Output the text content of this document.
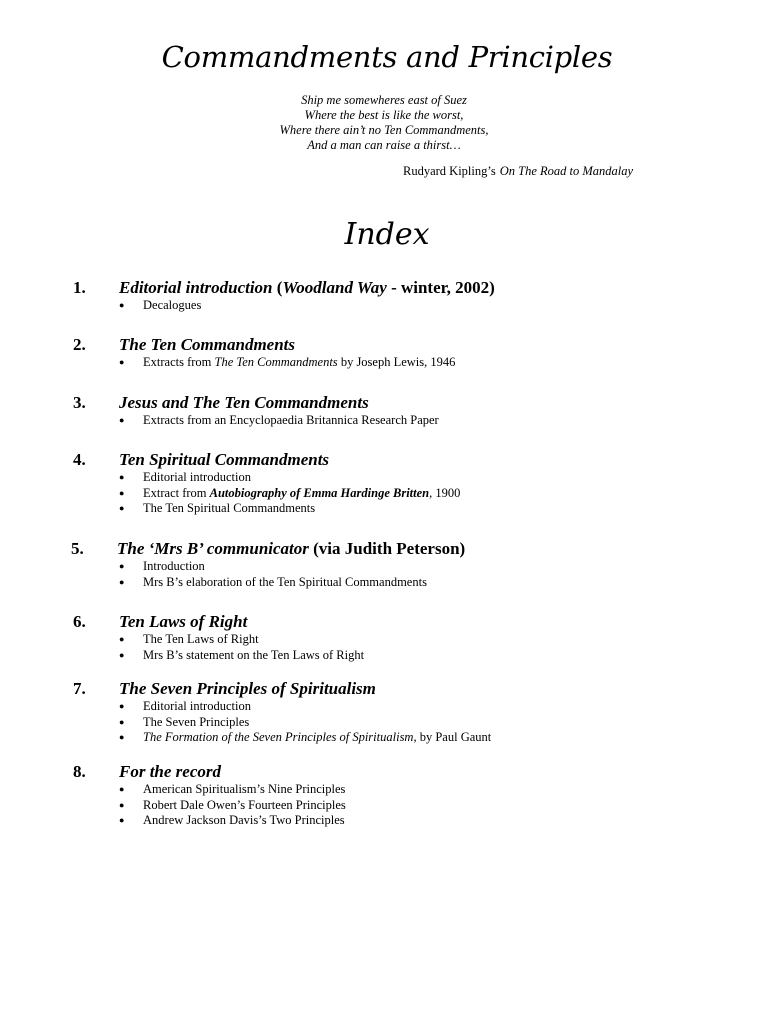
Commandments and Principles
Ship me somewheres east of Suez
Where the best is like the worst,
Where there ain’t no Ten Commandments,
And a man can raise a thirst…
Rudyard Kipling’s On The Road to Mandalay
Index
1. Editorial introduction (Woodland Way - winter, 2002)
● Decalogues
2. The Ten Commandments
● Extracts from The Ten Commandments by Joseph Lewis, 1946
3. Jesus and The Ten Commandments
● Extracts from an Encyclopaedia Britannica Research Paper
4. Ten Spiritual Commandments
● Editorial introduction
● Extract from Autobiography of Emma Hardinge Britten, 1900
● The Ten Spiritual Commandments
5. The ‘Mrs B’ communicator (via Judith Peterson)
● Introduction
● Mrs B’s elaboration of the Ten Spiritual Commandments
6. Ten Laws of Right
● The Ten Laws of Right
● Mrs B’s statement on the Ten Laws of Right
7. The Seven Principles of Spiritualism
● Editorial introduction
● The Seven Principles
● The Formation of the Seven Principles of Spiritualism, by Paul Gaunt
8. For the record
● American Spiritualism’s Nine Principles
● Robert Dale Owen’s Fourteen Principles
● Andrew Jackson Davis’s Two Principles
